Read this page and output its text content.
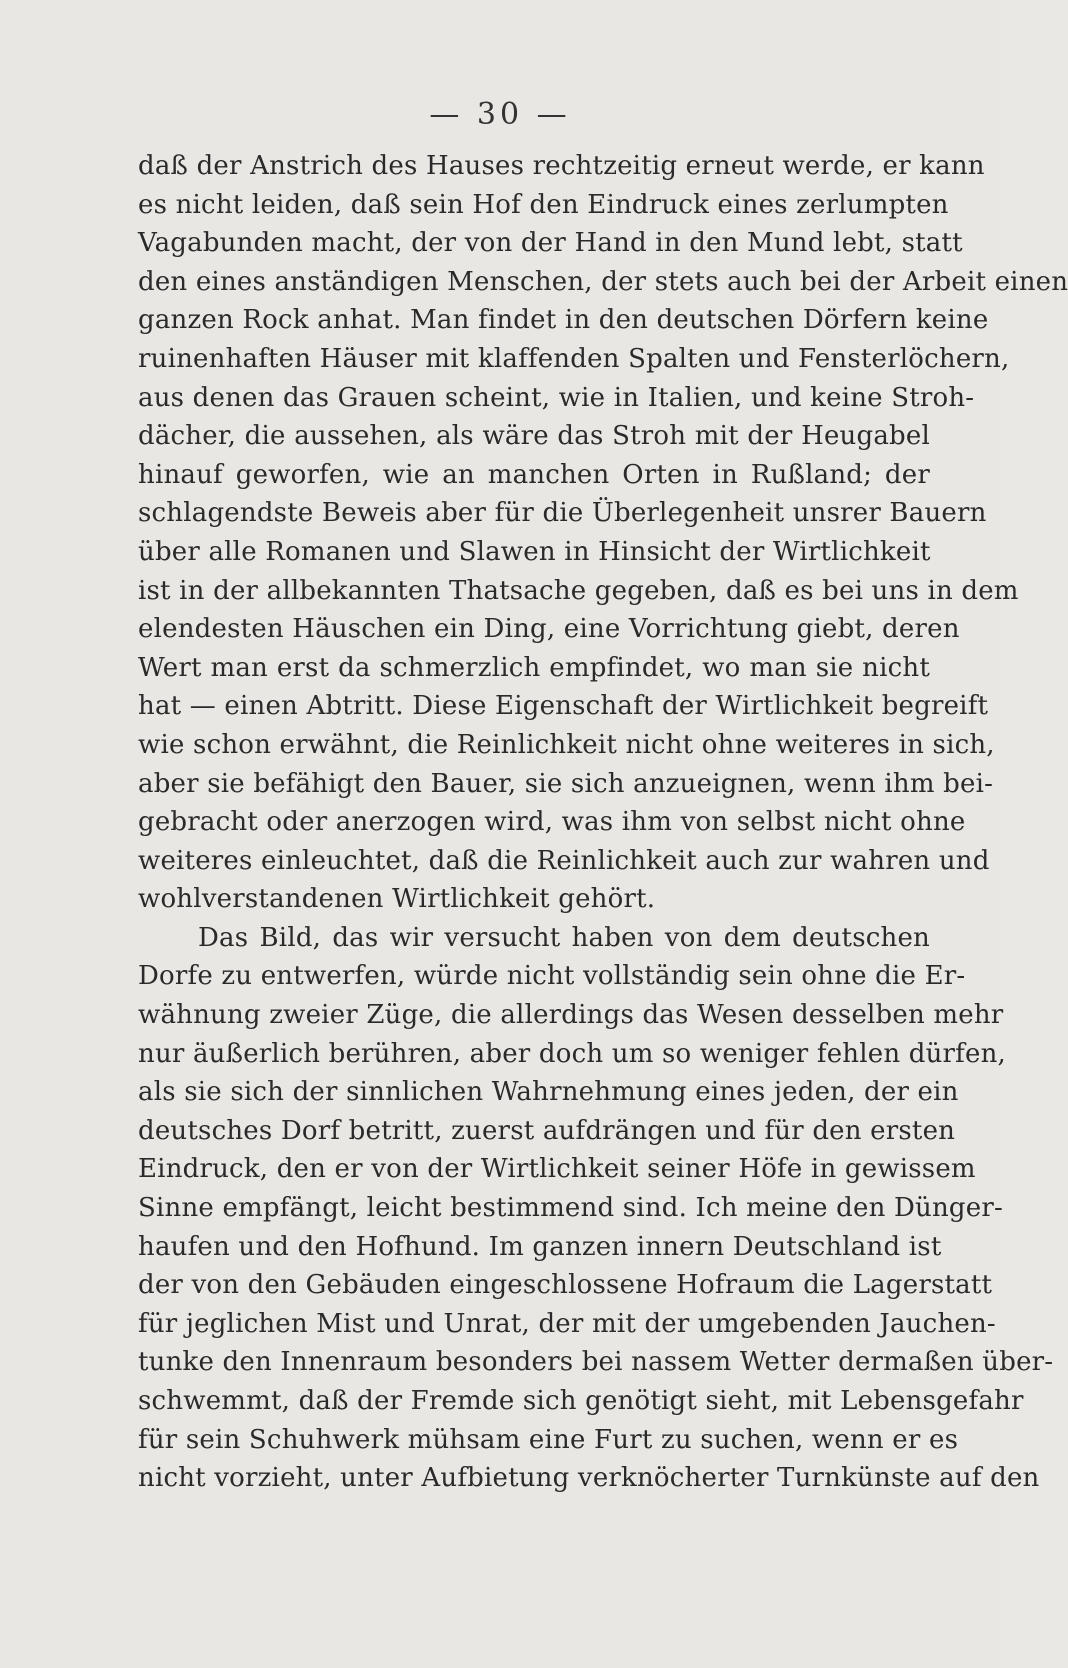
— 30 —
daß der Anstrich des Hauses rechtzeitig erneut werde, er kann
es nicht leiden, daß sein Hof den Eindruck eines zerlumpten
Vagabunden macht, der von der Hand in den Mund lebt, statt
den eines anständigen Menschen, der stets auch bei der Arbeit einen
ganzen Rock anhat. Man findet in den deutschen Dörfern keine
ruinenhaften Häuser mit klaffenden Spalten und Fensterlöchern,
aus denen das Grauen scheint, wie in Italien, und keine Stroh-
dächer, die aussehen, als wäre das Stroh mit der Heugabel
hinauf geworfen, wie an manchen Orten in Rußland; der
schlagendste Beweis aber für die Überlegenheit unsrer Bauern
über alle Romanen und Slawen in Hinsicht der Wirtlichkeit
ist in der allbekannten Thatsache gegeben, daß es bei uns in dem
elendesten Häuschen ein Ding, eine Vorrichtung giebt, deren
Wert man erst da schmerzlich empfindet, wo man sie nicht
hat — einen Abtritt. Diese Eigenschaft der Wirtlichkeit begreift
wie schon erwähnt, die Reinlichkeit nicht ohne weiteres in sich,
aber sie befähigt den Bauer, sie sich anzueignen, wenn ihm bei-
gebracht oder anerzogen wird, was ihm von selbst nicht ohne
weiteres einleuchtet, daß die Reinlichkeit auch zur wahren und
wohlverstandenen Wirtlichkeit gehört.
Das Bild, das wir versucht haben von dem deutschen
Dorfe zu entwerfen, würde nicht vollständig sein ohne die Er-
wähnung zweier Züge, die allerdings das Wesen desselben mehr
nur äußerlich berühren, aber doch um so weniger fehlen dürfen,
als sie sich der sinnlichen Wahrnehmung eines jeden, der ein
deutsches Dorf betritt, zuerst aufdrängen und für den ersten
Eindruck, den er von der Wirtlichkeit seiner Höfe in gewissem
Sinne empfängt, leicht bestimmend sind. Ich meine den Dünger-
haufen und den Hofhund. Im ganzen innern Deutschland ist
der von den Gebäuden eingeschlossene Hofraum die Lagerstatt
für jeglichen Mist und Unrat, der mit der umgebenden Jauchen-
tunke den Innenraum besonders bei nassem Wetter dermaßen über-
schwemmt, daß der Fremde sich genötigt sieht, mit Lebensgefahr
für sein Schuhwerk mühsam eine Furt zu suchen, wenn er es
nicht vorzieht, unter Aufbietung verknöcherter Turnkünste auf den
